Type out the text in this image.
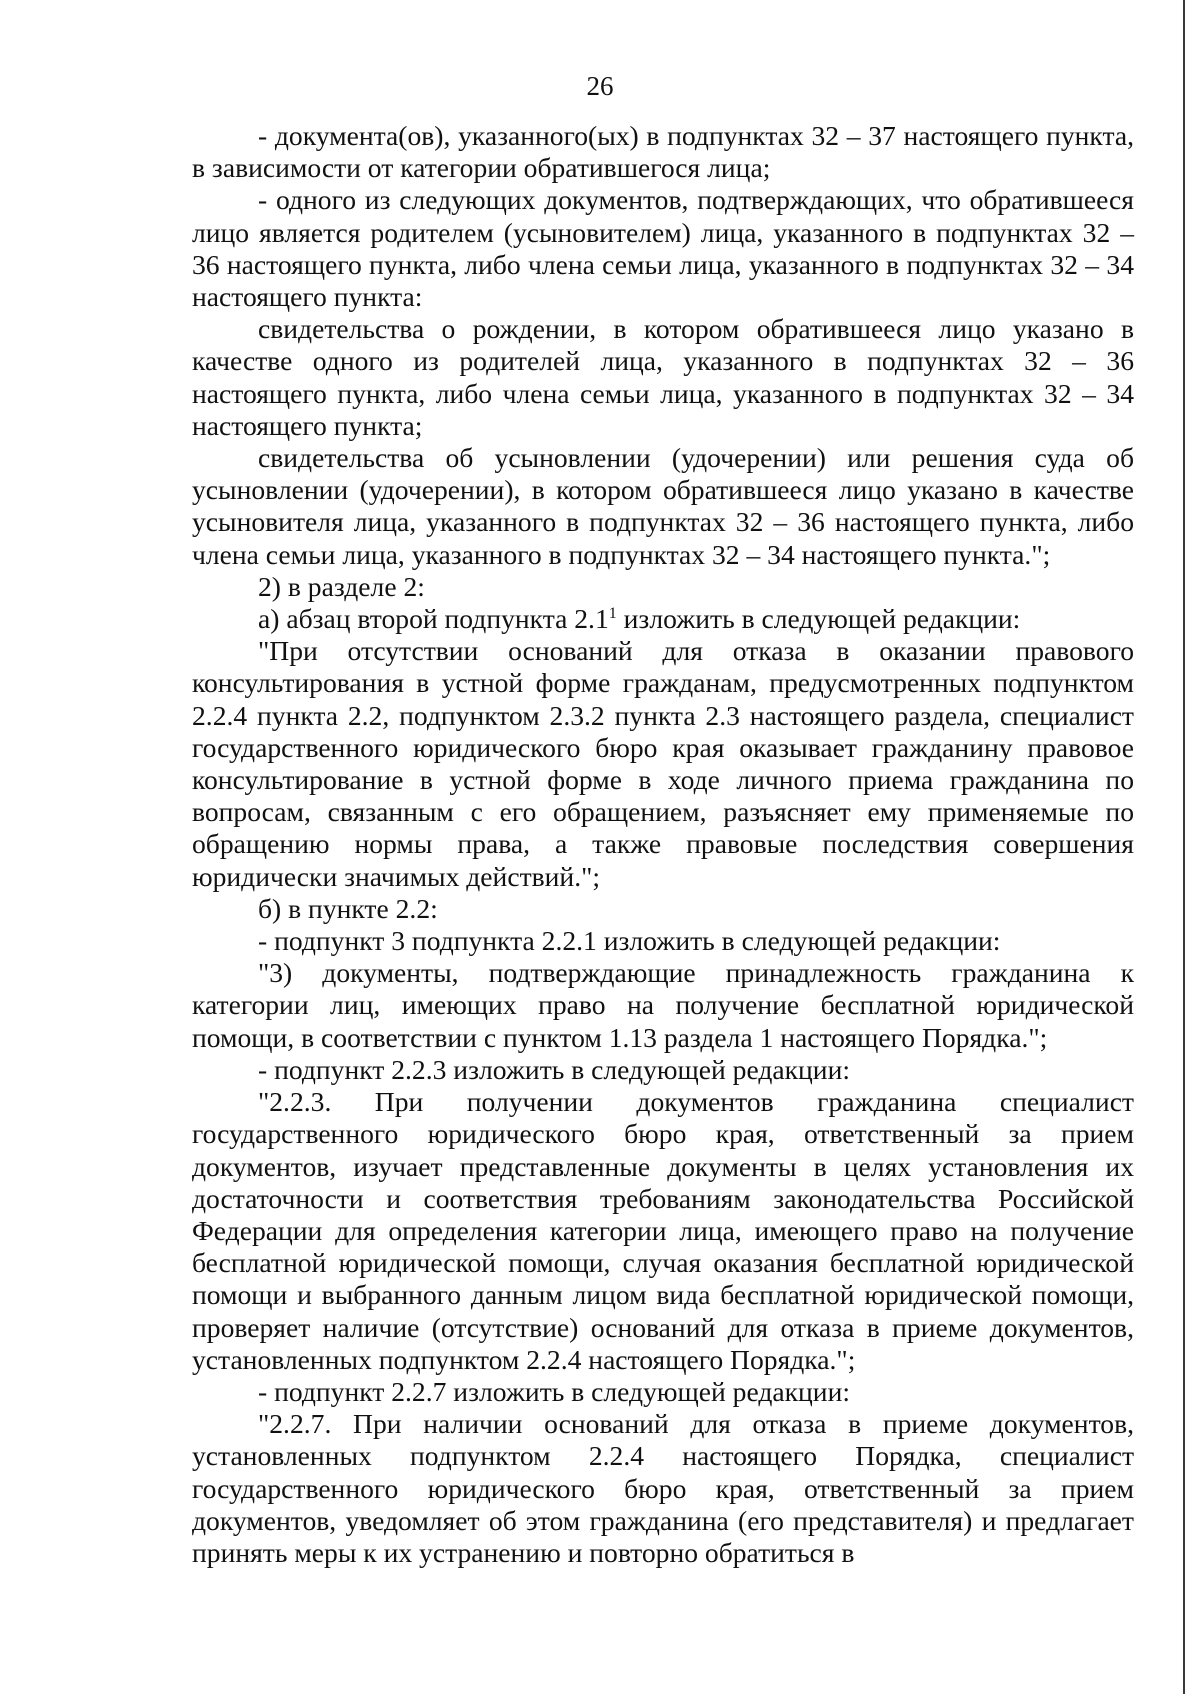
26

- документа(ов), указанного(ых) в подпунктах 32 – 37 настоящего пункта, в зависимости от категории обратившегося лица;

- одного из следующих документов, подтверждающих, что обратившееся лицо является родителем (усыновителем) лица, указанного в подпунктах 32 – 36 настоящего пункта, либо члена семьи лица, указанного в подпунктах 32 – 34 настоящего пункта:

свидетельства о рождении, в котором обратившееся лицо указано в качестве одного из родителей лица, указанного в подпунктах 32 – 36 настоящего пункта, либо члена семьи лица, указанного в подпунктах 32 – 34 настоящего пункта;

свидетельства об усыновлении (удочерении) или решения суда об усыновлении (удочерении), в котором обратившееся лицо указано в качестве усыновителя лица, указанного в подпунктах 32 – 36 настоящего пункта, либо члена семьи лица, указанного в подпунктах 32 – 34 настоящего пункта.";

2) в разделе 2:

а) абзац второй подпункта $2.1^1$ изложить в следующей редакции:

"При отсутствии оснований для отказа в оказании правового консультирования в устной форме гражданам, предусмотренных подпунктом 2.2.4 пункта 2.2, подпунктом 2.3.2 пункта 2.3 настоящего раздела, специалист государственного юридического бюро края оказывает гражданину правовое консультирование в устной форме в ходе личного приема гражданина по вопросам, связанным с его обращением, разъясняет ему применяемые по обращению нормы права, а также правовые последствия совершения юридически значимых действий.";

б) в пункте 2.2:

- подпункт 3 подпункта 2.2.1 изложить в следующей редакции:

"3) документы, подтверждающие принадлежность гражданина к категории лиц, имеющих право на получение бесплатной юридической помощи, в соответствии с пунктом 1.13 раздела 1 настоящего Порядка.";

- подпункт 2.2.3 изложить в следующей редакции:

"2.2.3. При получении документов гражданина специалист государственного юридического бюро края, ответственный за прием документов, изучает представленные документы в целях установления их достаточности и соответствия требованиям законодательства Российской Федерации для определения категории лица, имеющего право на получение бесплатной юридической помощи, случая оказания бесплатной юридической помощи и выбранного данным лицом вида бесплатной юридической помощи, проверяет наличие (отсутствие) оснований для отказа в приеме документов, установленных подпунктом 2.2.4 настоящего Порядка.";

- подпункт 2.2.7 изложить в следующей редакции:

"2.2.7. При наличии оснований для отказа в приеме документов, установленных подпунктом 2.2.4 настоящего Порядка, специалист государственного юридического бюро края, ответственный за прием документов, уведомляет об этом гражданина (его представителя) и предлагает принять меры к их устранению и повторно обратиться в
